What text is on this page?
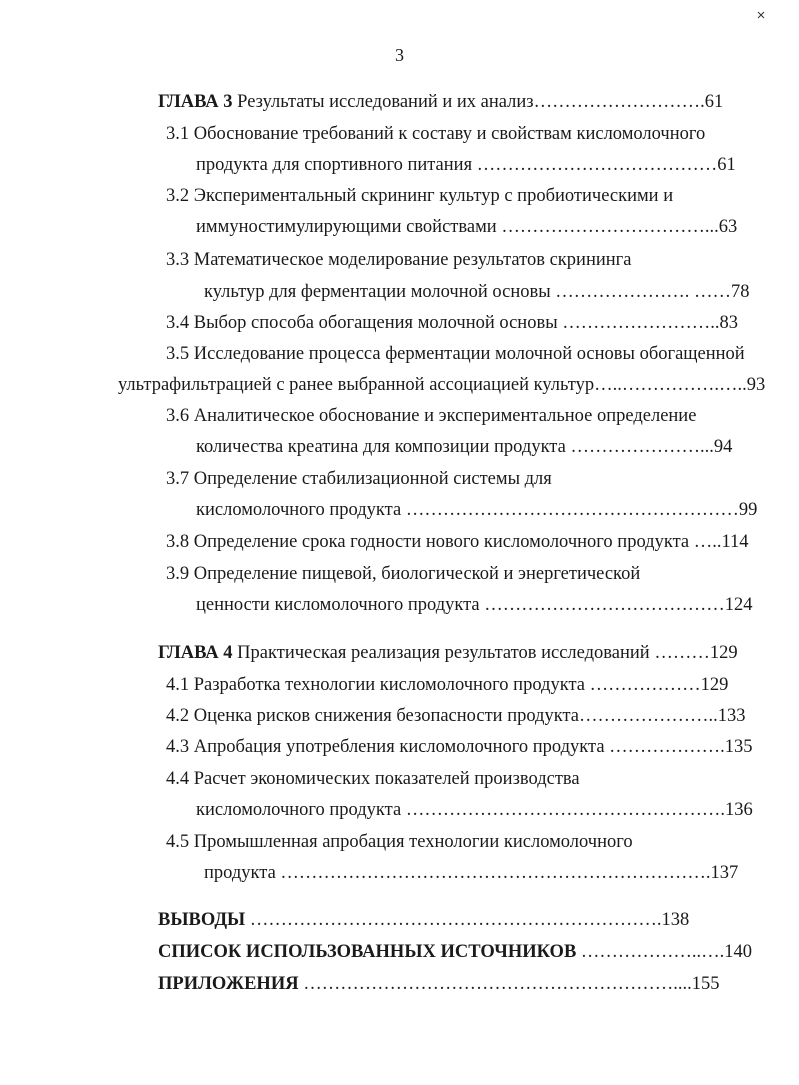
3
ГЛАВА 3 Результаты исследований и их анализ……………………….61
3.1 Обоснование требований к составу и свойствам кисломолочного
продукта для спортивного питания …………………………………61
3.2 Экспериментальный скрининг культур с пробиотическими и
иммуностимулирующими свойствами ……………………………...63
3.3 Математическое моделирование результатов скрининга
культур для ферментации молочной основы …………………. ……78
3.4 Выбор способа обогащения молочной основы ……………………..83
3.5 Исследование процесса ферментации молочной основы обогащенной
ультрафильтрацией с ранее выбранной ассоциацией культур…..…………….…..93
3.6 Аналитическое обоснование и экспериментальное определение
количества креатина для композиции продукта …………………...94
3.7 Определение стабилизационной системы для
кисломолочного продукта ………………………………………………99
3.8 Определение срока годности нового кисломолочного продукта …..114
3.9 Определение пищевой, биологической и энергетической
ценности кисломолочного продукта …………………………………124
ГЛАВА 4 Практическая реализация результатов исследований ………129
4.1 Разработка технологии кисломолочного продукта ………………129
4.2 Оценка рисков снижения безопасности продукта…………………..133
4.3 Апробация употребления кисломолочного продукта ……………….135
4.4 Расчет экономических показателей производства
кисломолочного продукта …………………………………………….136
4.5 Промышленная апробация технологии кисломолочного
продукта …………………………………………………………….137
ВЫВОДЫ ………………………………………………………….138
СПИСОК ИСПОЛЬЗОВАННЫХ ИСТОЧНИКОВ ………………..….140
ПРИЛОЖЕНИЯ ……………………………………………………....155
